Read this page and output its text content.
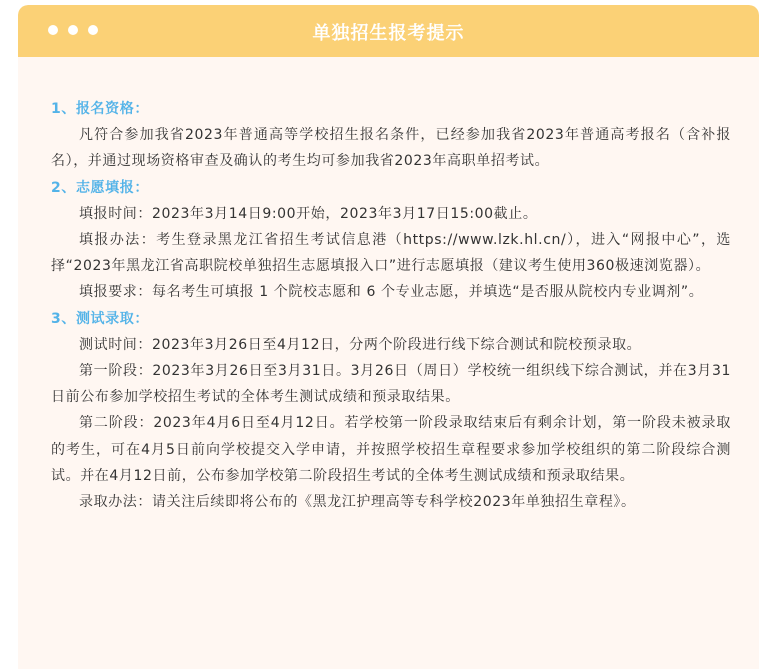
单独招生报考提示

1、报名资格：

凡符合参加我省2023年普通高等学校招生报名条件，已经参加我省2023年普通高考报名（含补报名），并通过现场资格审查及确认的考生均可参加我省2023年高职单招考试。

2、志愿填报：

填报时间：2023年3月14日9:00开始，2023年3月17日15:00截止。

填报办法：考生登录黑龙江省招生考试信息港（https://www.lzk.hl.cn/），进入“网报中心”，选择“2023年黑龙江省高职院校单独招生志愿填报入口”进行志愿填报（建议考生使用360极速浏览器）。

填报要求：每名考生可填报 1 个院校志愿和 6 个专业志愿，并填选“是否服从院校内专业调剂”。

3、测试录取：

测试时间：2023年3月26日至4月12日，分两个阶段进行线下综合测试和院校预录取。

第一阶段：2023年3月26日至3月31日。3月26日（周日）学校统一组织线下综合测试，并在3月31日前公布参加学校招生考试的全体考生测试成绩和预录取结果。

第二阶段：2023年4月6日至4月12日。若学校第一阶段录取结束后有剩余计划，第一阶段未被录取的考生，可在4月5日前向学校提交入学申请，并按照学校招生章程要求参加学校组织的第二阶段综合测试。并在4月12日前，公布参加学校第二阶段招生考试的全体考生测试成绩和预录取结果。

录取办法：请关注后续即将公布的《黑龙江护理高等专科学校2023年单独招生章程》。
